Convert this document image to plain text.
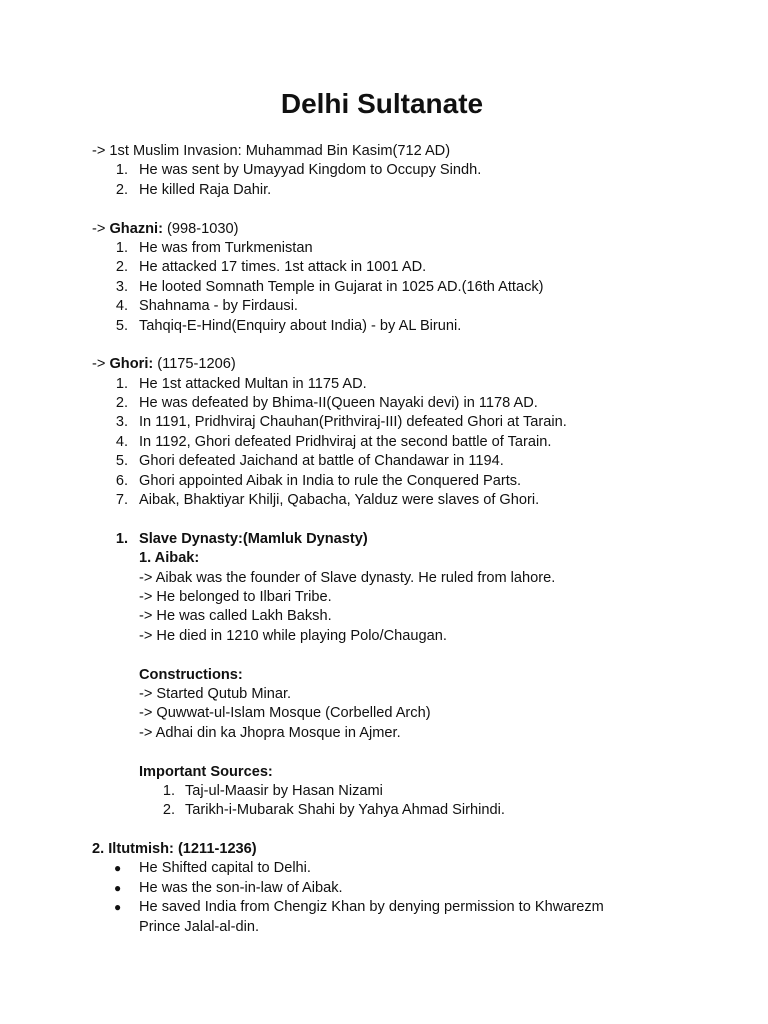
Delhi Sultanate
-> 1st Muslim Invasion: Muhammad Bin Kasim(712 AD)
1. He was sent by Umayyad Kingdom to Occupy Sindh.
2. He killed Raja Dahir.
-> Ghazni: (998-1030)
1. He was from Turkmenistan
2. He attacked 17 times. 1st attack in 1001 AD.
3. He looted Somnath Temple in Gujarat in 1025 AD.(16th Attack)
4. Shahnama - by Firdausi.
5. Tahqiq-E-Hind(Enquiry about India) - by AL Biruni.
-> Ghori: (1175-1206)
1. He 1st attacked Multan in 1175 AD.
2. He was defeated by Bhima-II(Queen Nayaki devi) in 1178 AD.
3. In 1191, Pridhviraj Chauhan(Prithviraj-III) defeated Ghori at Tarain.
4. In 1192, Ghori defeated Pridhviraj at the second battle of Tarain.
5. Ghori defeated Jaichand at battle of Chandawar in 1194.
6. Ghori appointed Aibak in India to rule the Conquered Parts.
7. Aibak, Bhaktiyar Khilji, Qabacha, Yalduz were slaves of Ghori.
1. Slave Dynasty:(Mamluk Dynasty)
1. Aibak:
-> Aibak was the founder of Slave dynasty. He ruled from lahore.
-> He belonged to Ilbari Tribe.
-> He was called Lakh Baksh.
-> He died in 1210 while playing Polo/Chaugan.
Constructions:
-> Started Qutub Minar.
-> Quwwat-ul-Islam Mosque (Corbelled Arch)
-> Adhai din ka Jhopra Mosque in Ajmer.
Important Sources:
1. Taj-ul-Maasir by Hasan Nizami
2. Tarikh-i-Mubarak Shahi by Yahya Ahmad Sirhindi.
2. Iltutmish: (1211-1236)
● He Shifted capital to Delhi.
● He was the son-in-law of Aibak.
● He saved India from Chengiz Khan by denying permission to Khwarezm
Prince Jalal-al-din.
